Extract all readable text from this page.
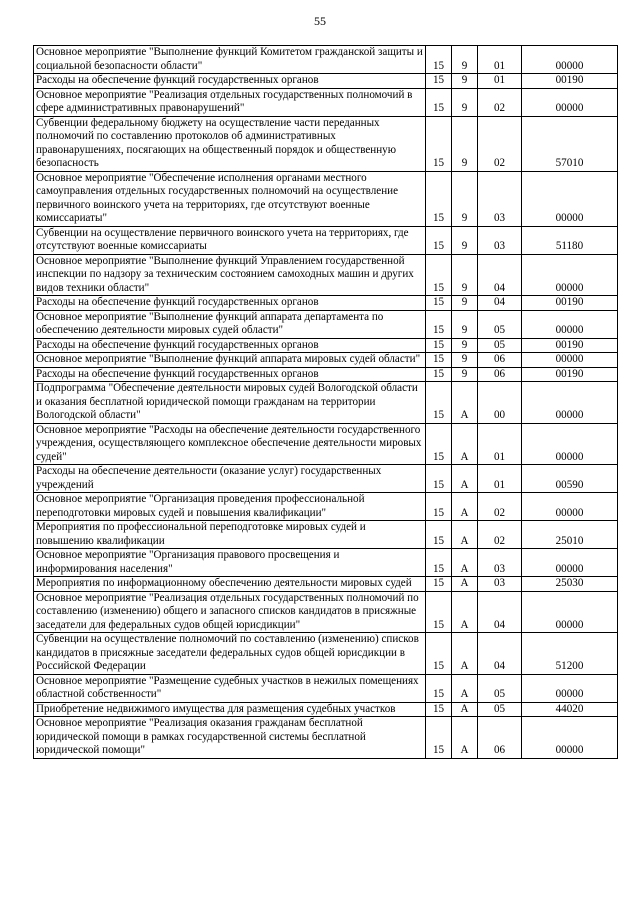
55
Основное мероприятие "Выполнение функций Комитетом гражданской защиты и социальной безопасности области"	15	9	01	00000
Расходы на обеспечение функций государственных органов	15	9	01	00190
Основное мероприятие "Реализация отдельных государственных полномочий в сфере административных правонарушений"	15	9	02	00000
Субвенции федеральному бюджету на осуществление части переданных полномочий по составлению протоколов об административных правонарушениях, посягающих на общественный порядок и общественную безопасность	15	9	02	57010
Основное мероприятие "Обеспечение исполнения органами местного самоуправления отдельных государственных полномочий на осуществление первичного воинского учета на территориях, где отсутствуют военные комиссариаты"	15	9	03	00000
Субвенции на осуществление первичного воинского учета на территориях, где отсутствуют военные комиссариаты	15	9	03	51180
Основное мероприятие "Выполнение функций Управлением государственной инспекции по надзору за техническим состоянием самоходных машин и других видов техники области"	15	9	04	00000
Расходы на обеспечение функций государственных органов	15	9	04	00190
Основное мероприятие "Выполнение функций аппарата департамента по обеспечению деятельности мировых судей области"	15	9	05	00000
Расходы на обеспечение функций государственных органов	15	9	05	00190
Основное мероприятие "Выполнение функций аппарата мировых судей области"	15	9	06	00000
Расходы на обеспечение функций государственных органов	15	9	06	00190
Подпрограмма "Обеспечение деятельности мировых судей Вологодской области и оказания бесплатной юридической помощи гражданам на территории Вологодской области"	15	А	00	00000
Основное мероприятие "Расходы на обеспечение деятельности государственного учреждения, осуществляющего комплексное обеспечение деятельности мировых судей"	15	А	01	00000
Расходы на обеспечение деятельности (оказание услуг) государственных учреждений	15	А	01	00590
Основное мероприятие "Организация проведения профессиональной переподготовки мировых судей и повышения квалификации"	15	А	02	00000
Мероприятия по профессиональной переподготовке мировых судей и повышению квалификации	15	А	02	25010
Основное мероприятие "Организация правового просвещения и информирования населения"	15	А	03	00000
Мероприятия по информационному обеспечению деятельности мировых судей	15	А	03	25030
Основное мероприятие "Реализация отдельных государственных полномочий по составлению (изменению) общего и запасного списков кандидатов в присяжные заседатели для федеральных судов общей юрисдикции"	15	А	04	00000
Субвенции на осуществление полномочий по составлению (изменению) списков кандидатов в присяжные заседатели федеральных судов общей юрисдикции в Российской Федерации	15	А	04	51200
Основное мероприятие "Размещение судебных участков в нежилых помещениях областной собственности"	15	А	05	00000
Приобретение недвижимого имущества для размещения судебных участков	15	А	05	44020
Основное мероприятие "Реализация оказания гражданам бесплатной юридической помощи в рамках государственной системы бесплатной юридической помощи"	15	А	06	00000
